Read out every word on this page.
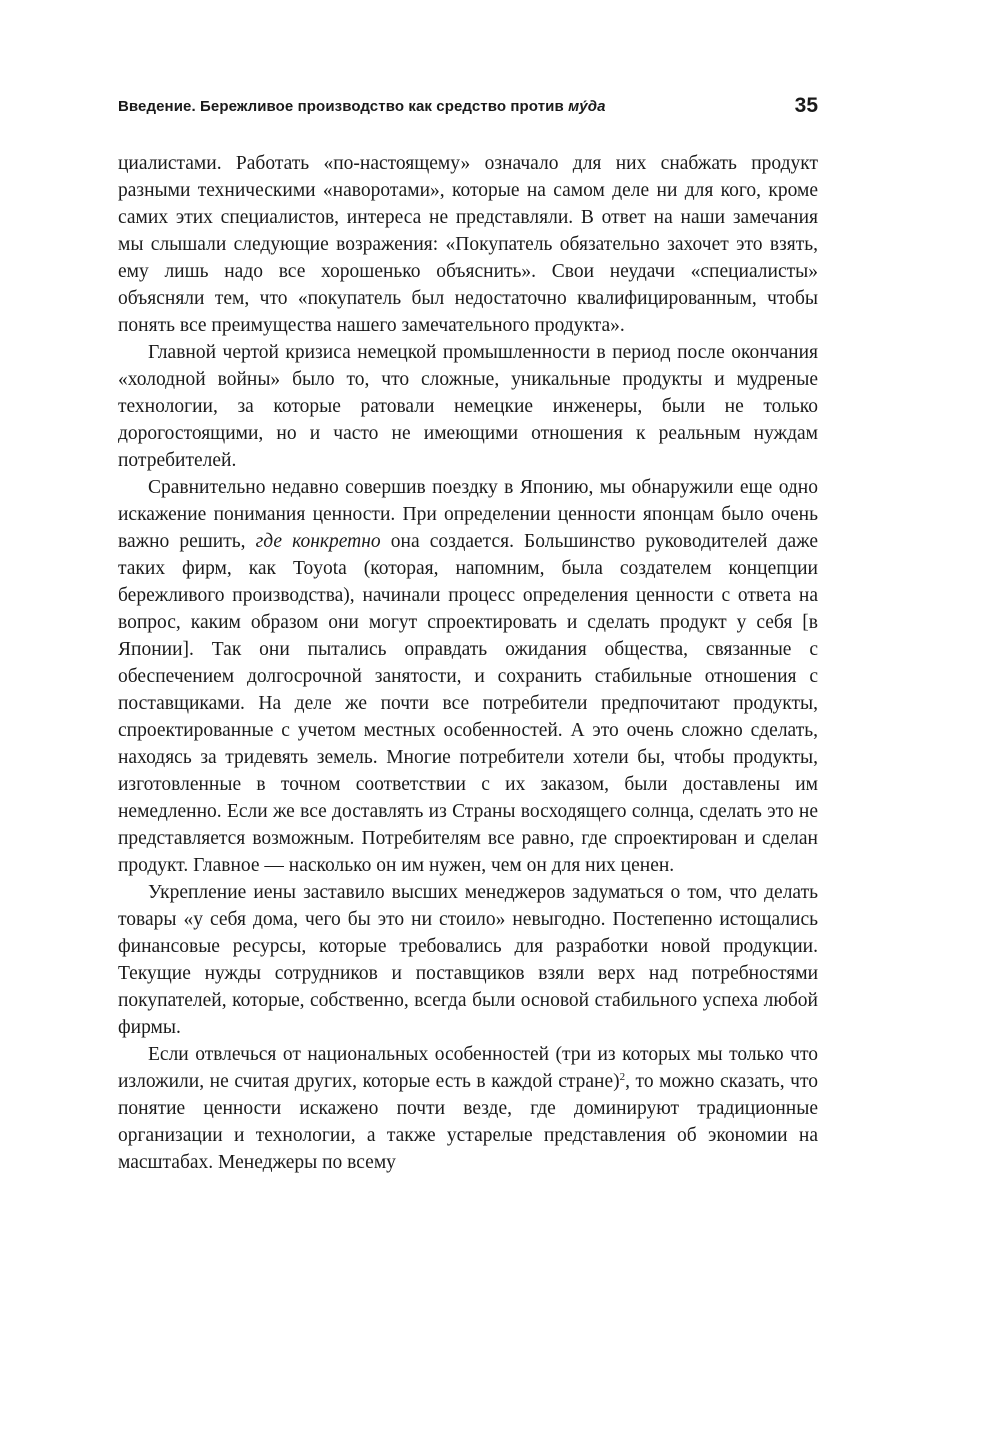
Введение. Бережливое производство как средство против му́да	35

циалистами. Работать «по-настоящему» означало для них снабжать продукт разными техническими «наворотами», которые на самом деле ни для кого, кроме самих этих специалистов, интереса не представляли. В ответ на наши замечания мы слышали следующие возражения: «Покупатель обязательно захочет это взять, ему лишь надо все хорошенько объяснить». Свои неудачи «специалисты» объясняли тем, что «покупатель был недостаточно квалифицированным, чтобы понять все преимущества нашего замечательного продукта».

Главной чертой кризиса немецкой промышленности в период после окончания «холодной войны» было то, что сложные, уникальные продукты и мудреные технологии, за которые ратовали немецкие инженеры, были не только дорогостоящими, но и часто не имеющими отношения к реальным нуждам потребителей.

Сравнительно недавно совершив поездку в Японию, мы обнаружили еще одно искажение понимания ценности. При определении ценности японцам было очень важно решить, где конкретно она создается. Большинство руководителей даже таких фирм, как Toyota (которая, напомним, была создателем концепции бережливого производства), начинали процесс определения ценности с ответа на вопрос, каким образом они могут спроектировать и сделать продукт у себя [в Японии]. Так они пытались оправдать ожидания общества, связанные с обеспечением долгосрочной занятости, и сохранить стабильные отношения с поставщиками. На деле же почти все потребители предпочитают продукты, спроектированные с учетом местных особенностей. А это очень сложно сделать, находясь за тридевять земель. Многие потребители хотели бы, чтобы продукты, изготовленные в точном соответствии с их заказом, были доставлены им немедленно. Если же все доставлять из Страны восходящего солнца, сделать это не представляется возможным. Потребителям все равно, где спроектирован и сделан продукт. Главное — насколько он им нужен, чем он для них ценен.

Укрепление иены заставило высших менеджеров задуматься о том, что делать товары «у себя дома, чего бы это ни стоило» невыгодно. Постепенно истощались финансовые ресурсы, которые требовались для разработки новой продукции. Текущие нужды сотрудников и поставщиков взяли верх над потребностями покупателей, которые, собственно, всегда были основой стабильного успеха любой фирмы.

Если отвлечься от национальных особенностей (три из которых мы только что изложили, не считая других, которые есть в каждой стране)$^2$, то можно сказать, что понятие ценности искажено почти везде, где доминируют традиционные организации и технологии, а также устарелые представления об экономии на масштабах. Менеджеры по всему
